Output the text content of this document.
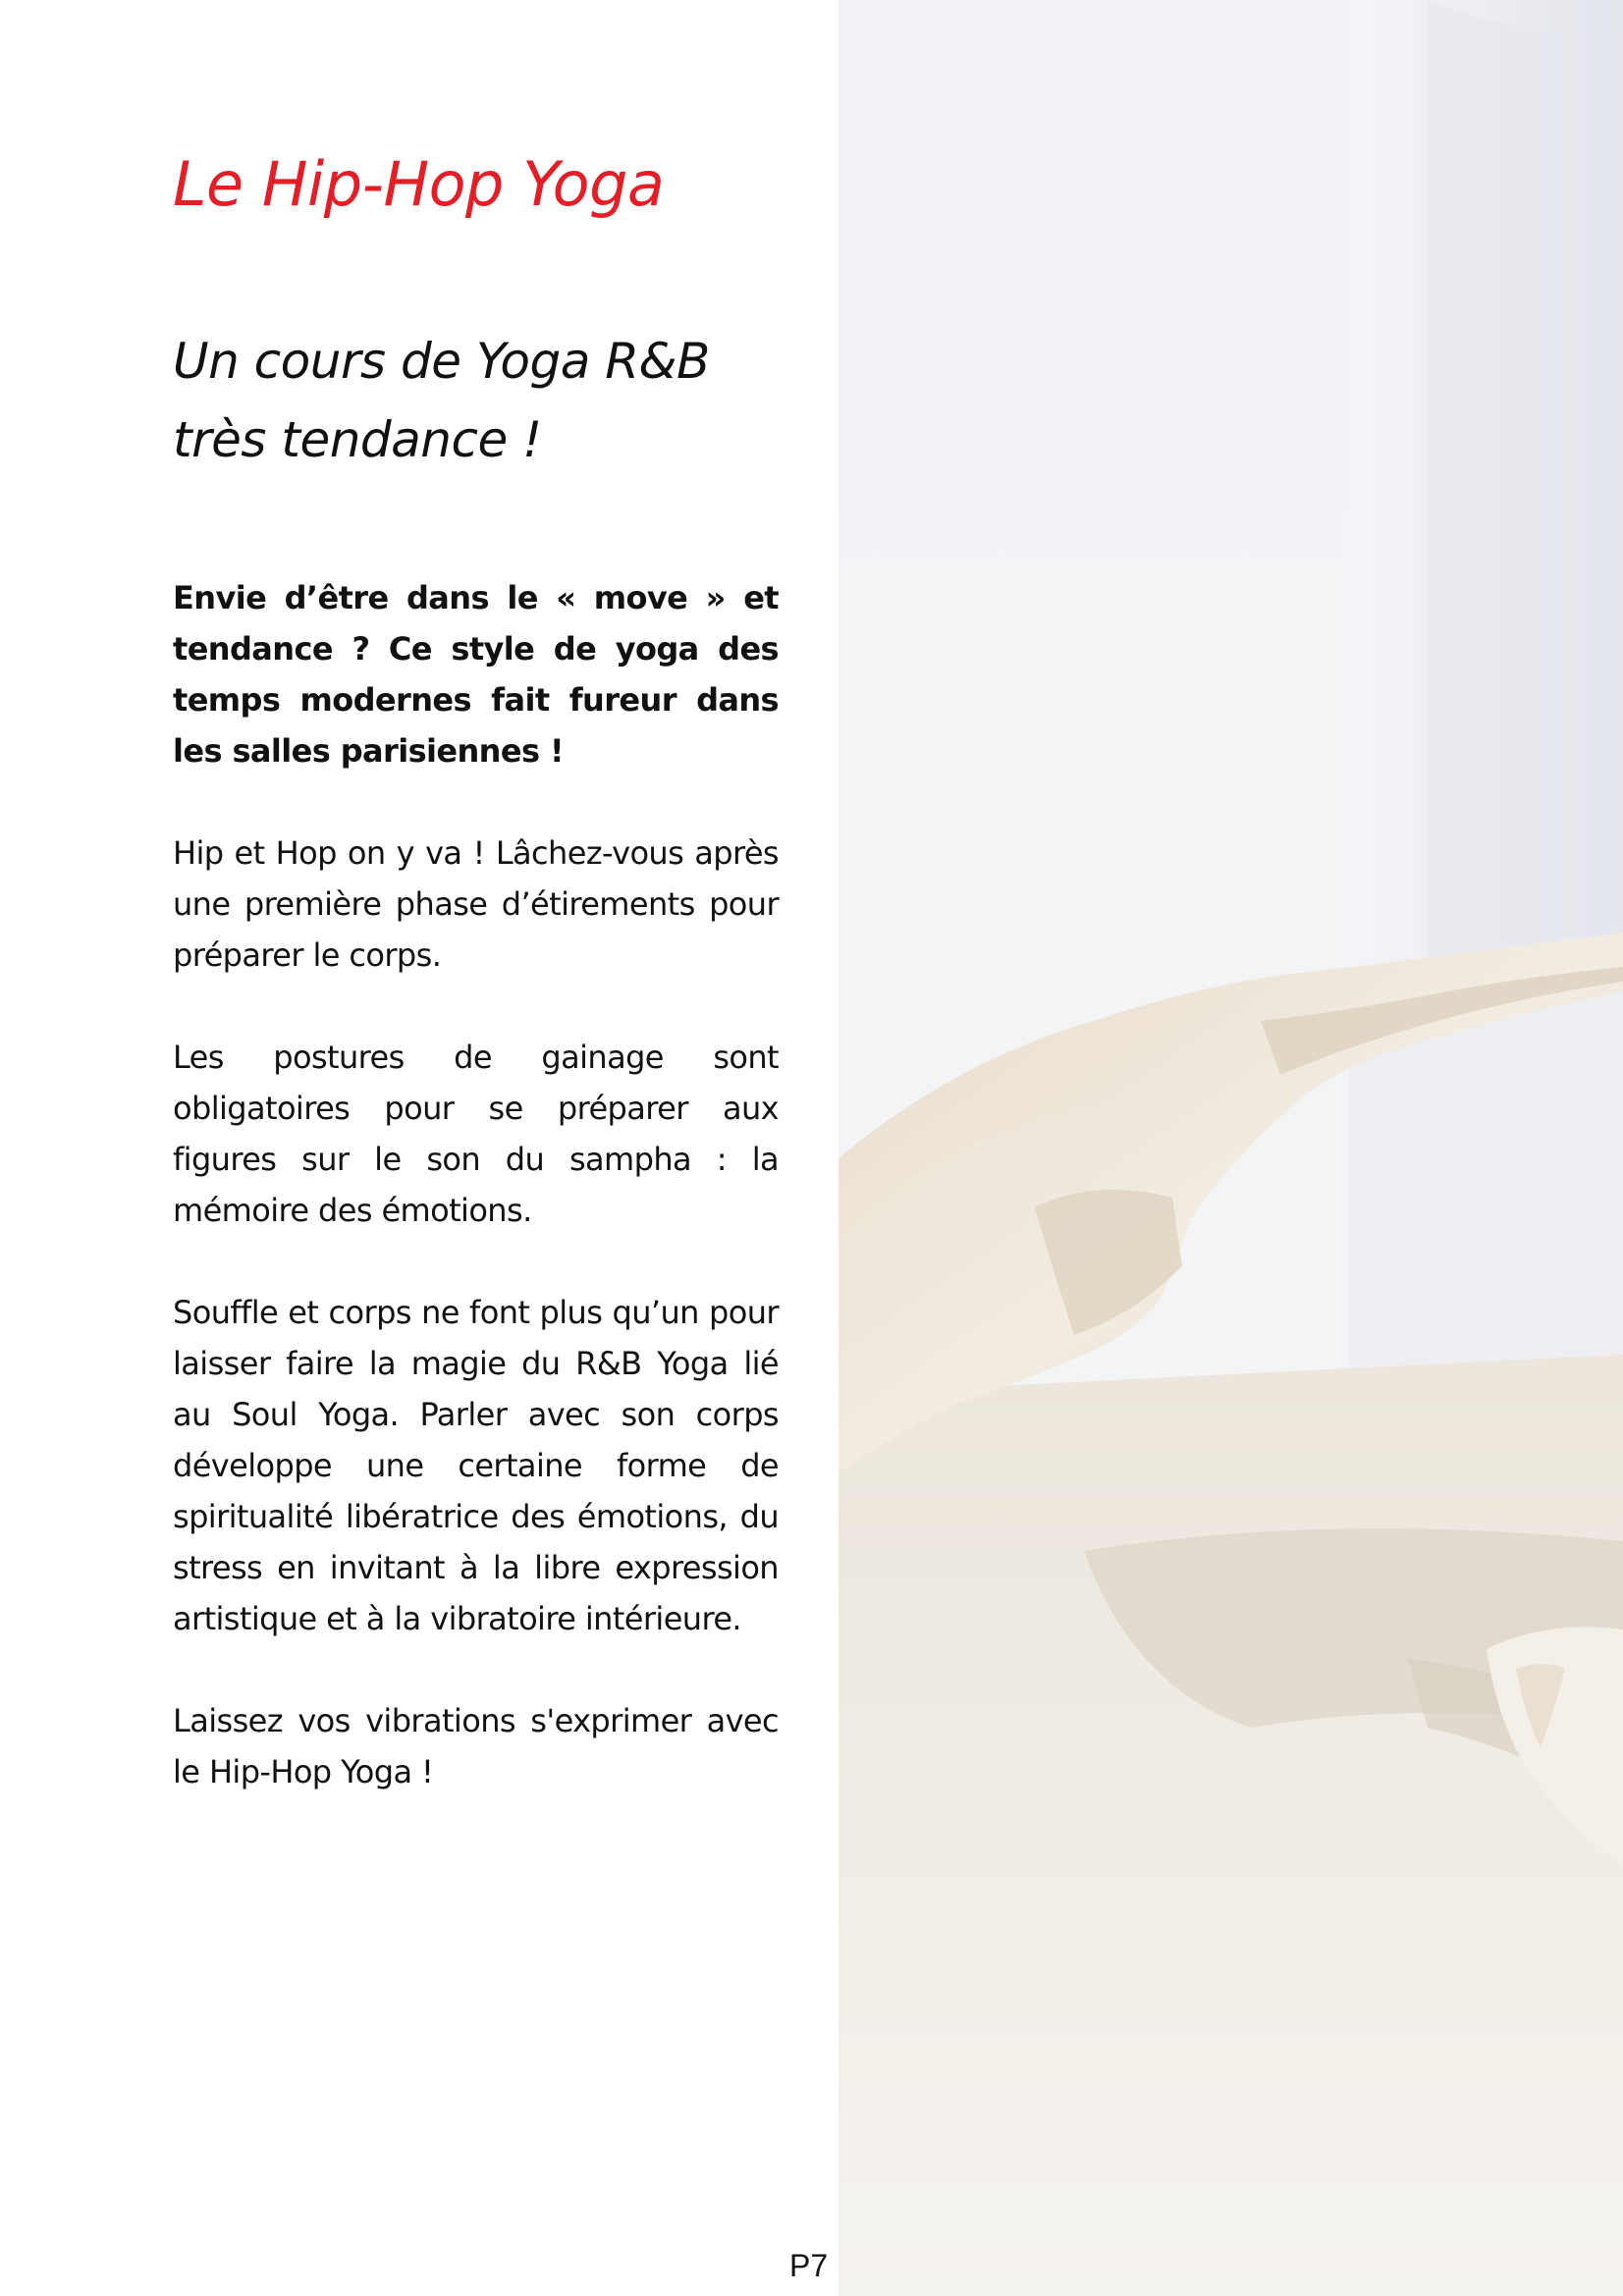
Le Hip-Hop Yoga
Un cours de Yoga R&B très tendance !

Envie d’être dans le « move » et tendance ? Ce style de yoga des temps modernes fait fureur dans les salles parisiennes !

Hip et Hop on y va ! Lâchez-vous après une première phase d’étirements pour préparer le corps.

Les postures de gainage sont obligatoires pour se préparer aux figures sur le son du sampha : la mémoire des émotions.

Souffle et corps ne font plus qu’un pour laisser faire la magie du R&B Yoga lié au Soul Yoga. Parler avec son corps développe une certaine forme de spiritualité libératrice des émotions, du stress en invitant à la libre expression artistique et à la vibratoire intérieure.

Laissez vos vibrations s'exprimer avec le Hip-Hop Yoga !

P7
